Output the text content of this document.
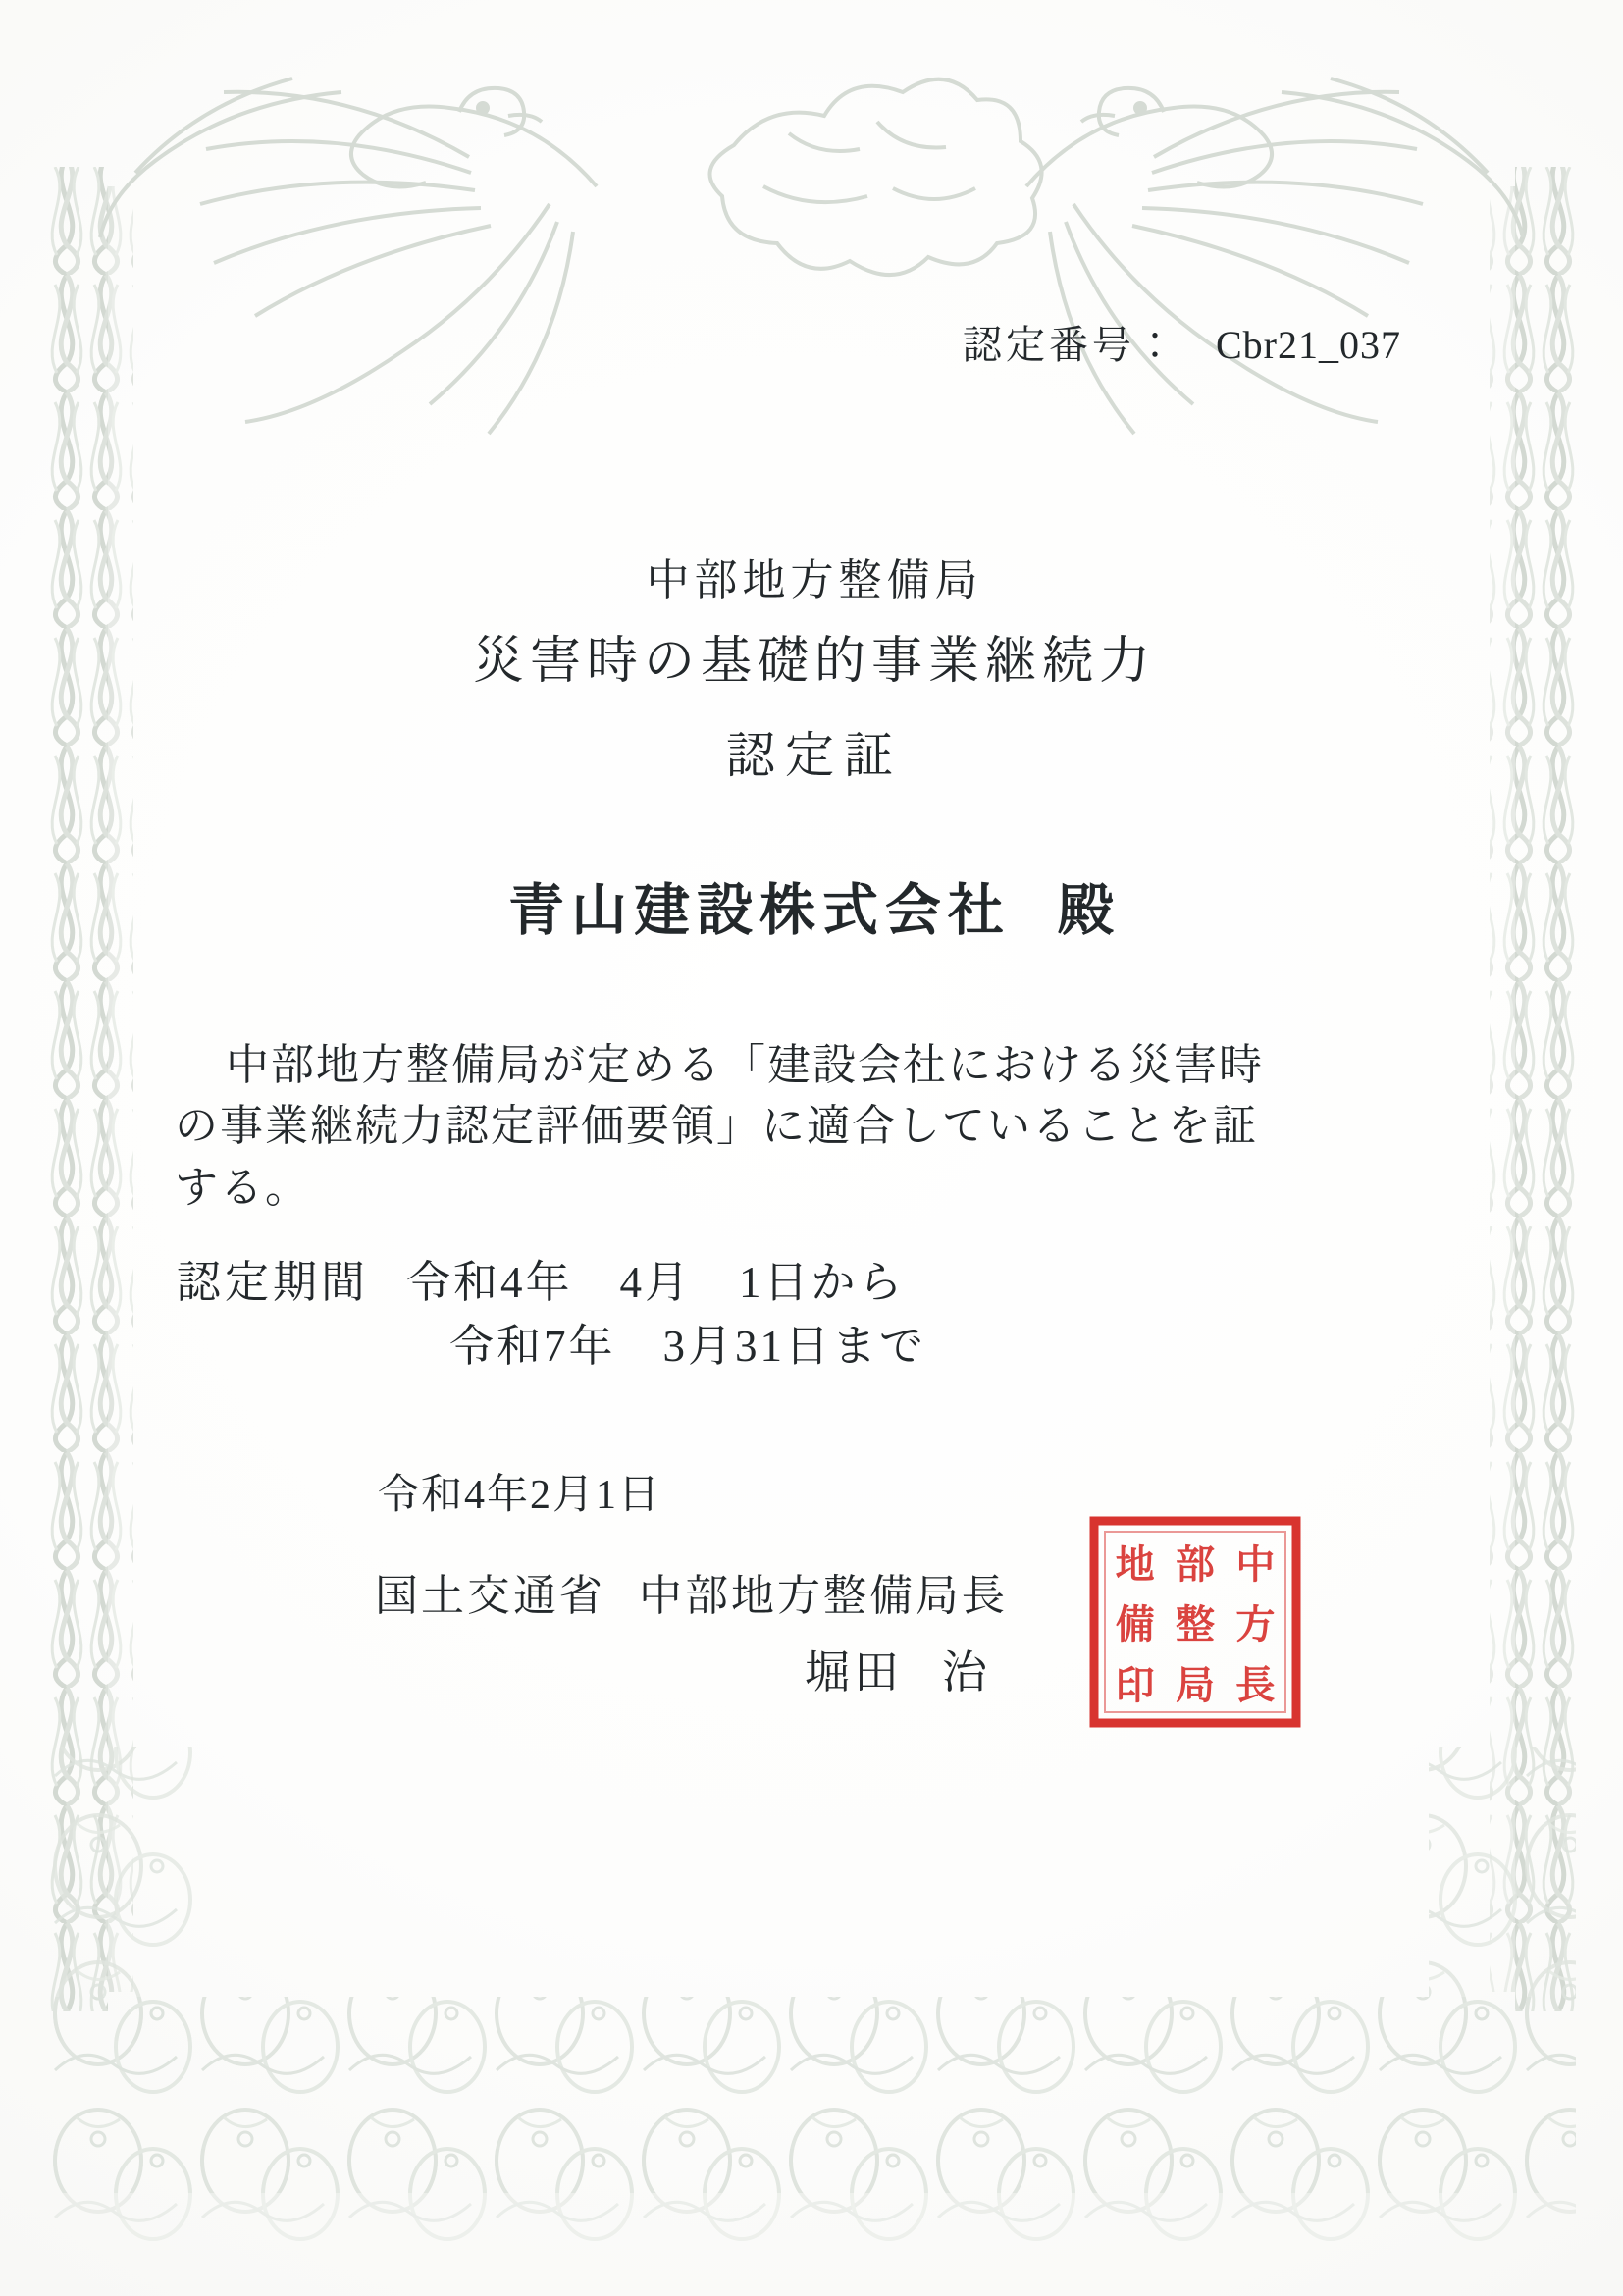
認定番号： Cbr21_037
中部地方整備局
災害時の基礎的事業継続力
認定証
青山建設株式会社 殿
中部地方整備局が定める「建設会社における災害時の事業継続力認定評価要領」に適合していることを証する。
認定期間 令和4年　4月　1日から
令和7年　3月31日まで
令和4年2月1日
国土交通省 中部地方整備局長
堀田 治
地 部 中
備 整 方
印 局 長
